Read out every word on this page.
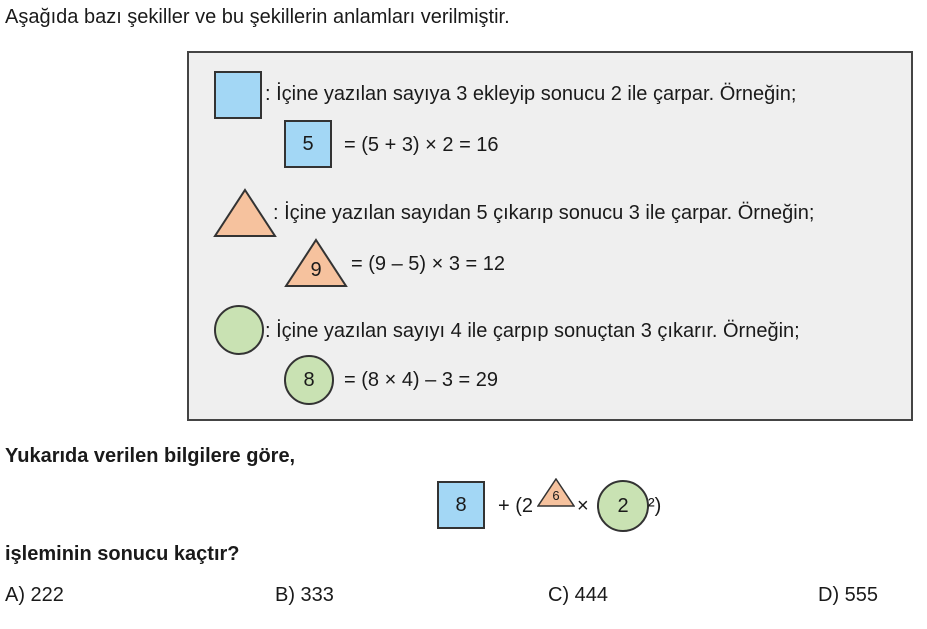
Aşağıda bazı şekiller ve bu şekillerin anlamları verilmiştir.
: İçine yazılan sayıya 3 ekleyip sonucu 2 ile çarpar. Örneğin;
5 = (5 + 3) × 2 = 16
: İçine yazılan sayıdan 5 çıkarıp sonucu 3 ile çarpar. Örneğin;
9	= (9 – 5) × 3 = 12
: İçine yazılan sayıyı 4 ile çarpıp sonuçtan 3 çıkarır. Örneğin;
8 = (8 × 4) – 3 = 29
Yukarıda verilen bilgilere göre,
8 + (2	6 × 2 ²)
işleminin sonucu kaçtır?
A) 222	B) 333	C) 444	D) 555
